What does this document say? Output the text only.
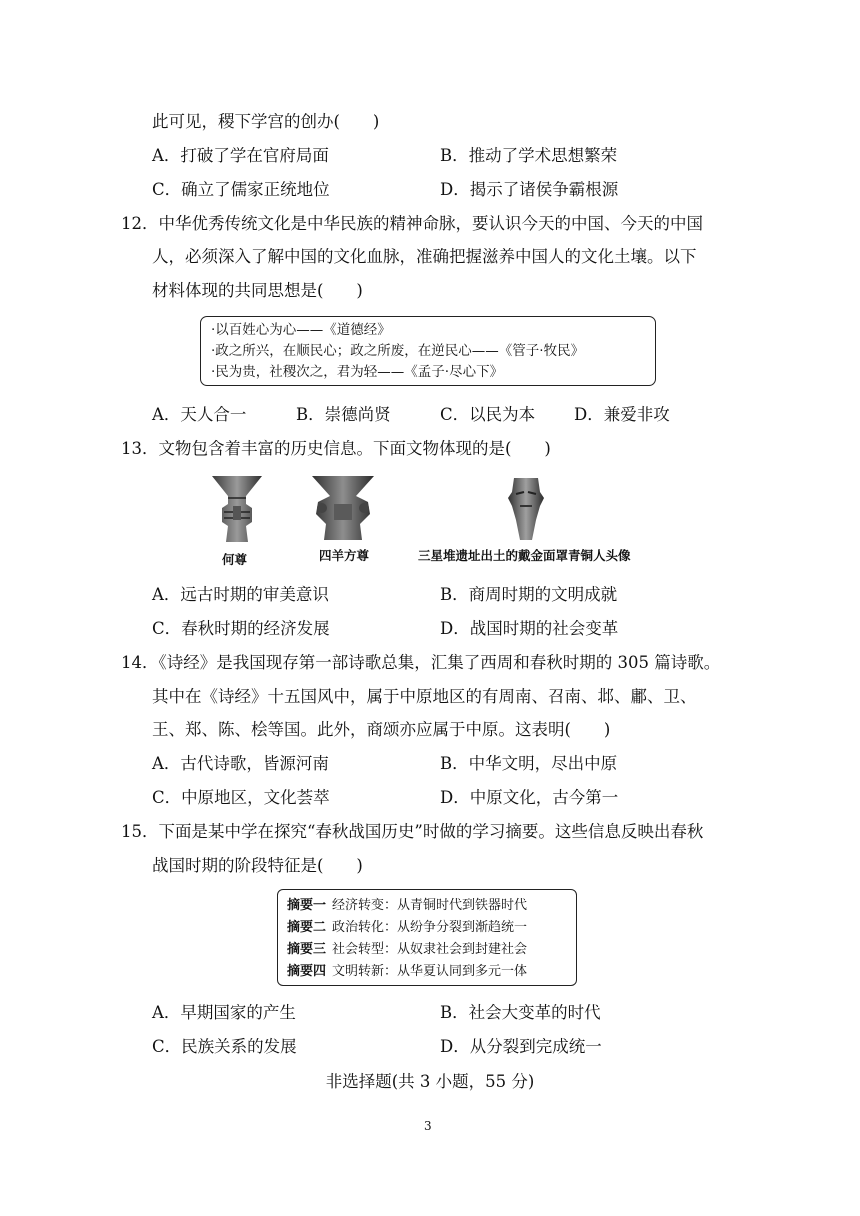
此可见，稷下学宫的创办(　　)
A．打破了学在官府局面	B．推动了学术思想繁荣
C．确立了儒家正统地位	D．揭示了诸侯争霸根源
12．中华优秀传统文化是中华民族的精神命脉，要认识今天的中国、今天的中国
人，必须深入了解中国的文化血脉，准确把握滋养中国人的文化土壤。以下
材料体现的共同思想是(　　)
·以百姓心为心——《道德经》
·政之所兴，在顺民心；政之所废，在逆民心——《管子·牧民》
·民为贵，社稷次之，君为轻——《孟子·尽心下》
A．天人合一	B．崇德尚贤	C．以民为本 D．兼爱非攻
13．文物包含着丰富的历史信息。下面文物体现的是(　　)
何尊	四羊方尊	三星堆遗址出土的戴金面罩青铜人头像
A．远古时期的审美意识	B．商周时期的文明成就
C．春秋时期的经济发展	D．战国时期的社会变革
14．《诗经》是我国现存第一部诗歌总集，汇集了西周和春秋时期的 305 篇诗歌。
其中在《诗经》十五国风中，属于中原地区的有周南、召南、邶、鄘、卫、
王、郑、陈、桧等国。此外，商颂亦应属于中原。这表明(　　)
A．古代诗歌，皆源河南	B．中华文明，尽出中原
C．中原地区，文化荟萃	D．中原文化，古今第一
15．下面是某中学在探究“春秋战国历史”时做的学习摘要。这些信息反映出春秋
战国时期的阶段特征是(　　)
摘要一 经济转变：从青铜时代到铁器时代
摘要二 政治转化：从纷争分裂到渐趋统一
摘要三 社会转型：从奴隶社会到封建社会
摘要四 文明转新：从华夏认同到多元一体
A．早期国家的产生	B．社会大变革的时代
C．民族关系的发展	D．从分裂到完成统一
非选择题(共 3 小题，55 分)
3
